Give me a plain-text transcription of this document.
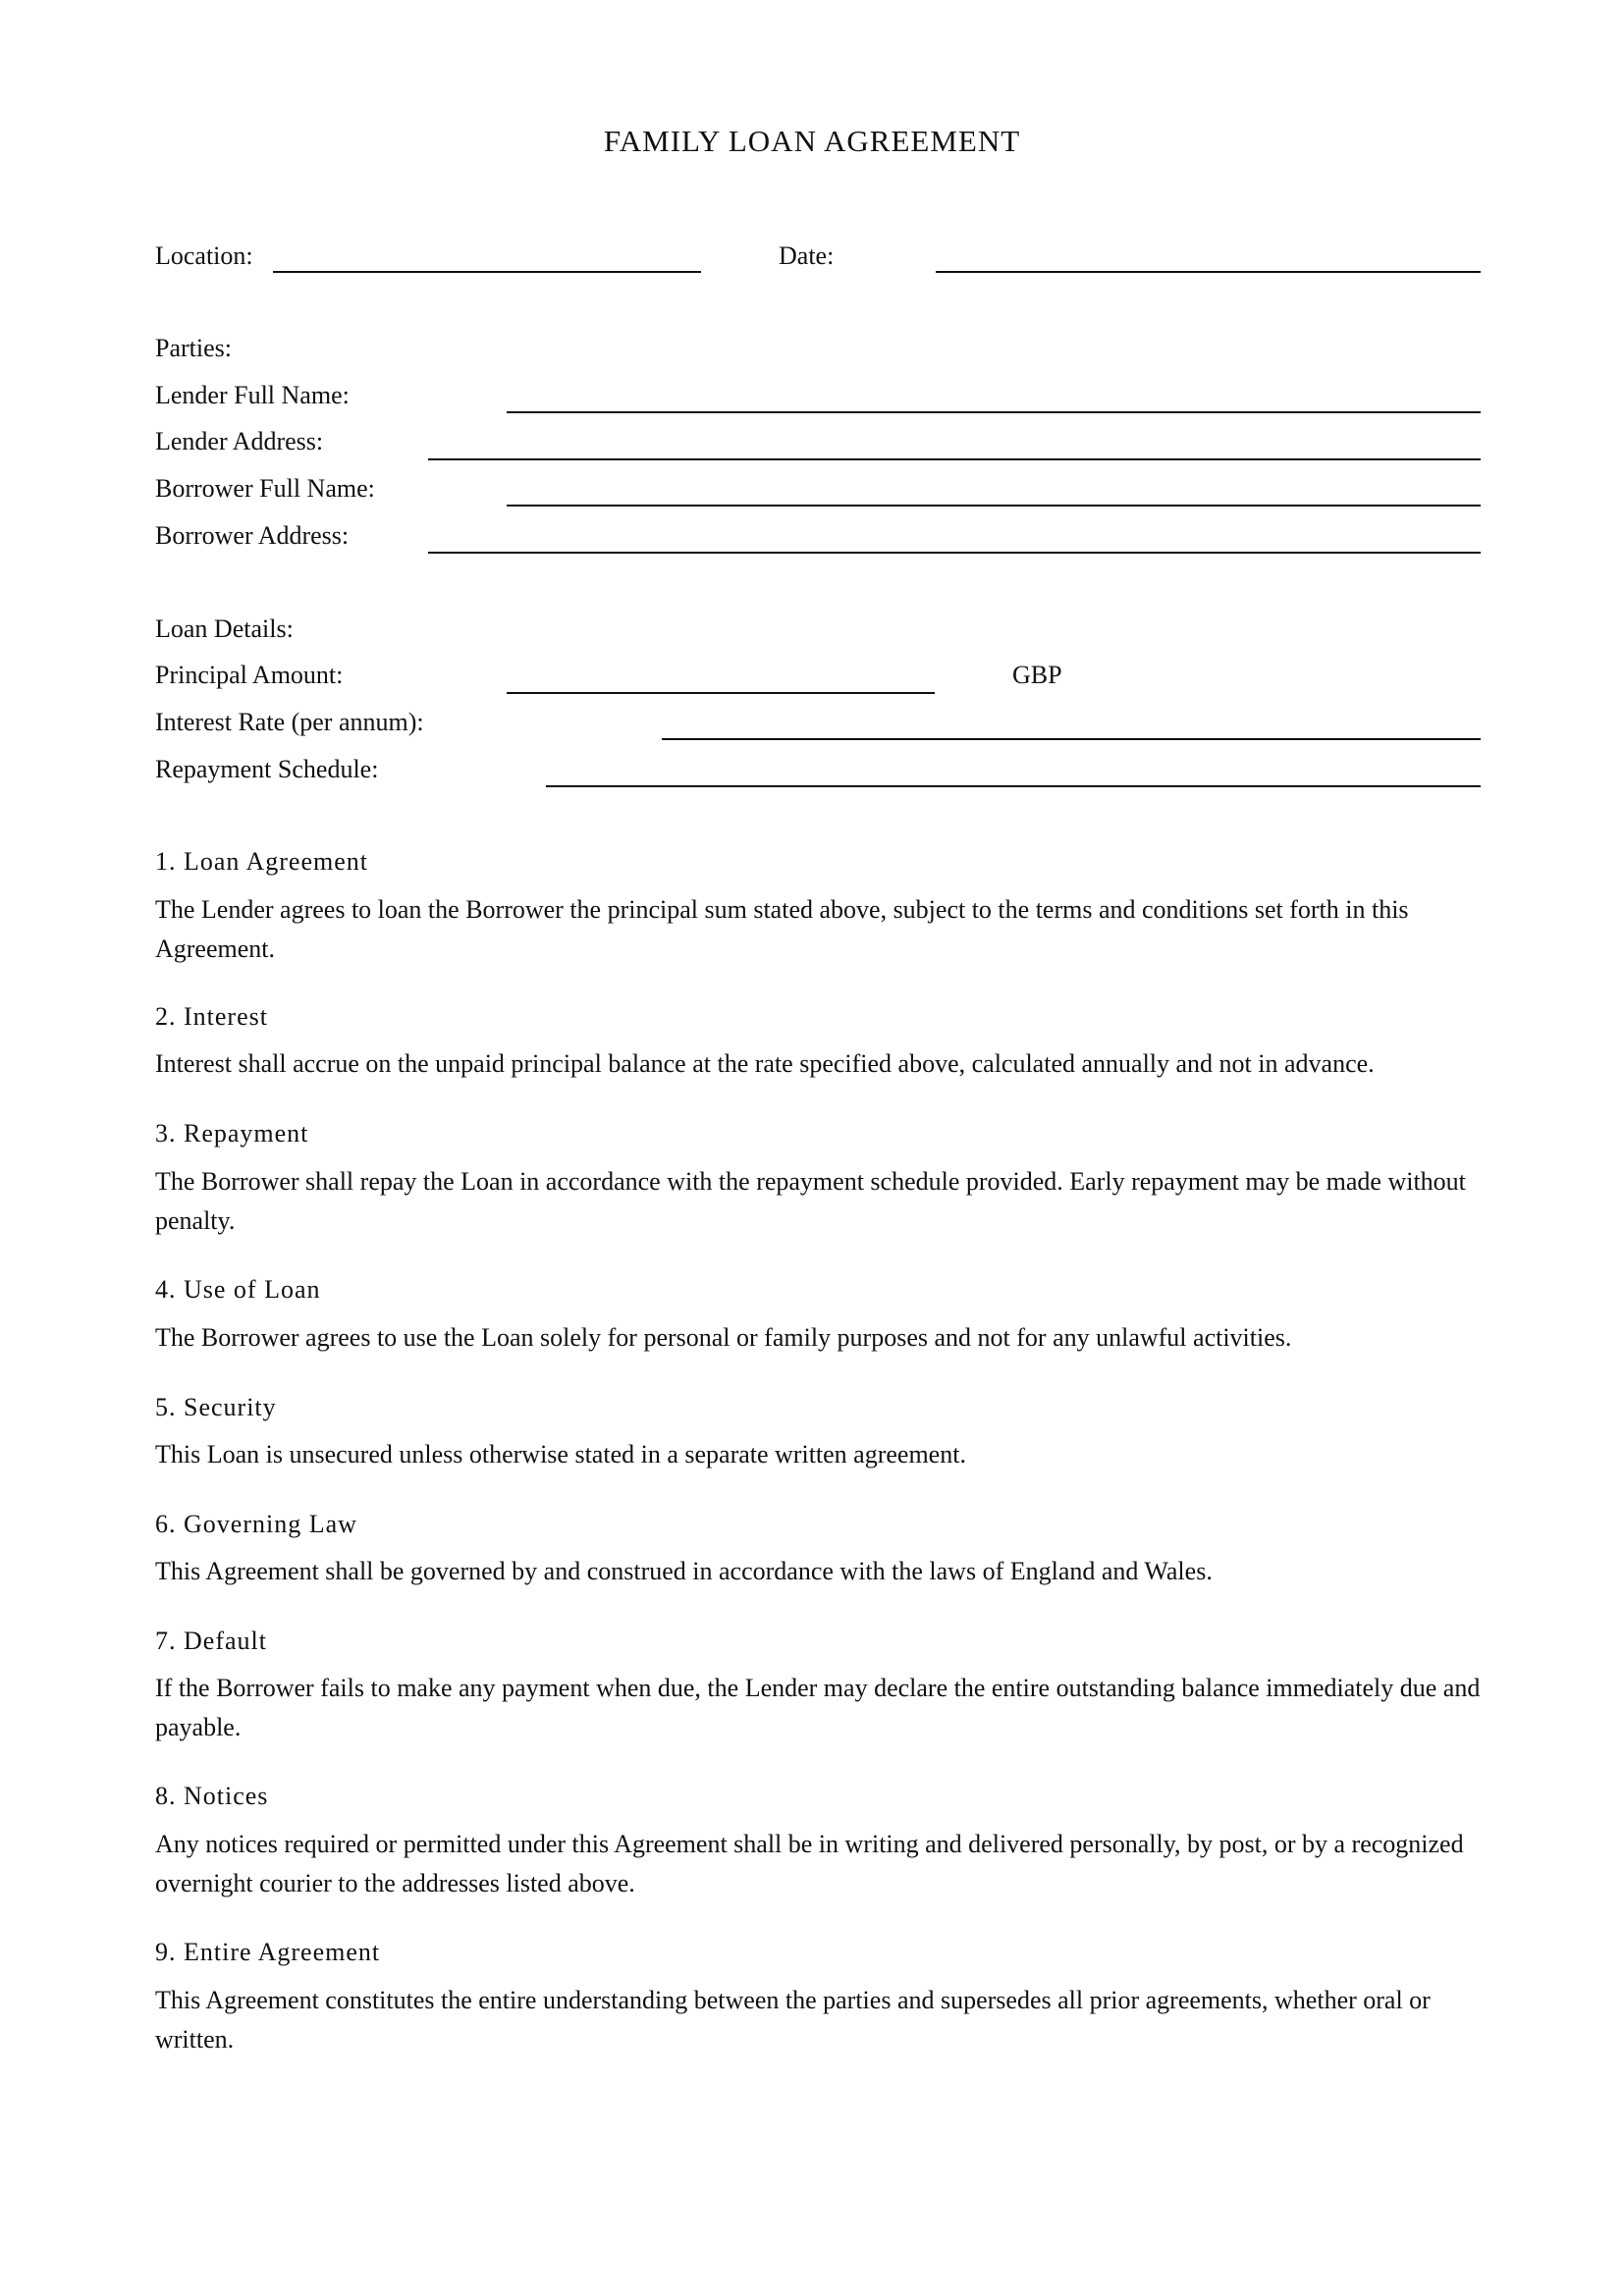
FAMILY LOAN AGREEMENT
Location:	Date:
Parties:
Lender Full Name:
Lender Address:
Borrower Full Name:
Borrower Address:
Loan Details:
Principal Amount:	GBP
Interest Rate (per annum):
Repayment Schedule:
1. Loan Agreement
The Lender agrees to loan the Borrower the principal sum stated above, subject to the terms and conditions set forth in this Agreement.
2. Interest
Interest shall accrue on the unpaid principal balance at the rate specified above, calculated annually and not in advance.
3. Repayment
The Borrower shall repay the Loan in accordance with the repayment schedule provided. Early repayment may be made without penalty.
4. Use of Loan
The Borrower agrees to use the Loan solely for personal or family purposes and not for any unlawful activities.
5. Security
This Loan is unsecured unless otherwise stated in a separate written agreement.
6. Governing Law
This Agreement shall be governed by and construed in accordance with the laws of England and Wales.
7. Default
If the Borrower fails to make any payment when due, the Lender may declare the entire outstanding balance immediately due and payable.
8. Notices
Any notices required or permitted under this Agreement shall be in writing and delivered personally, by post, or by a recognized overnight courier to the addresses listed above.
9. Entire Agreement
This Agreement constitutes the entire understanding between the parties and supersedes all prior agreements, whether oral or written.
